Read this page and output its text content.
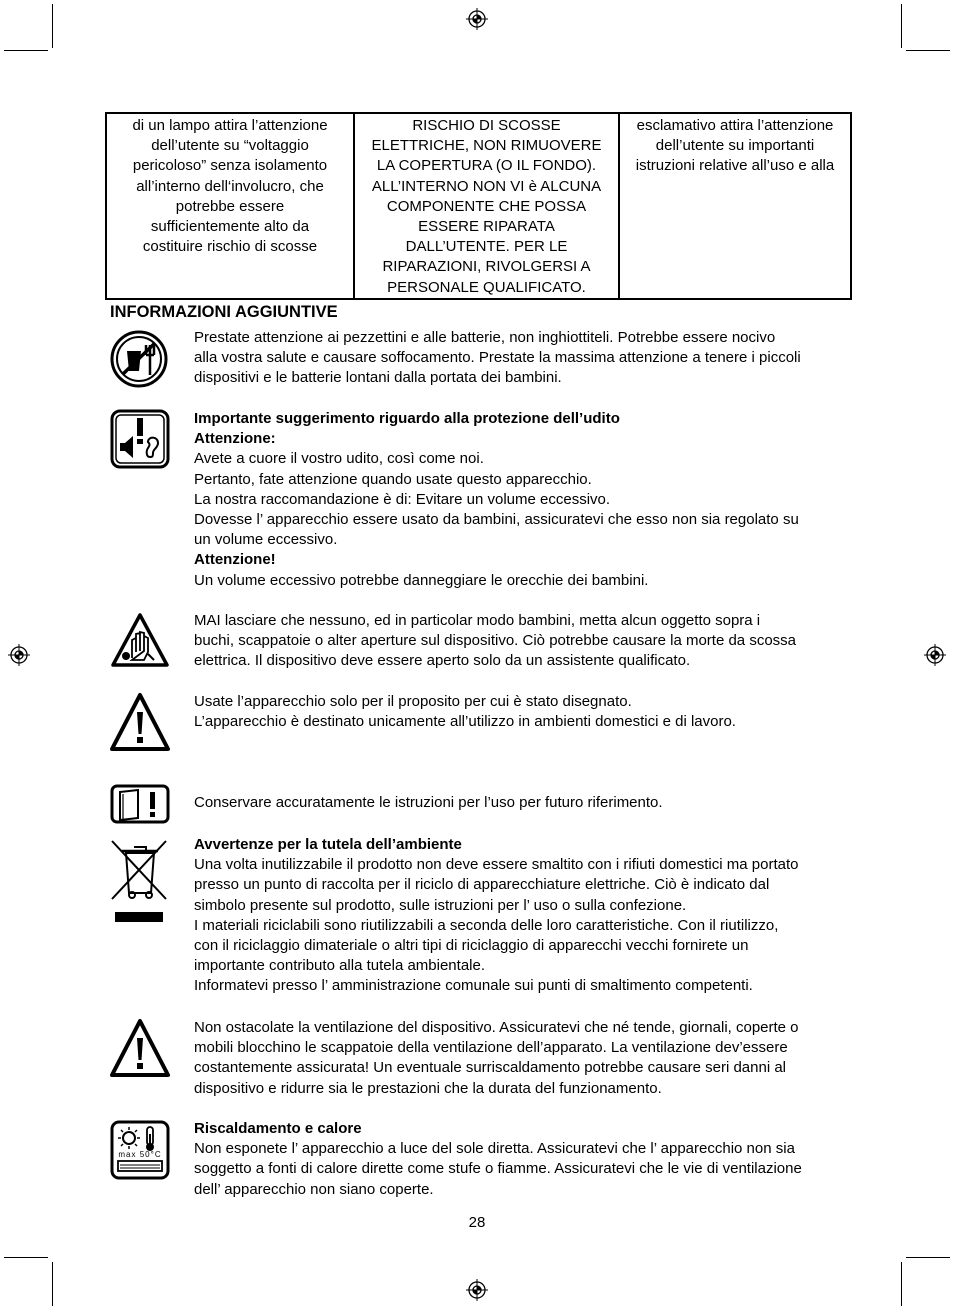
di un lampo attira l’attenzione
dell’utente su “voltaggio
pericoloso” senza isolamento
all’interno dell‘involucro, che
potrebbe essere
sufficientemente alto da
costituire rischio di scosse	RISCHIO DI SCOSSE
ELETTRICHE, NON RIMUOVERE
LA COPERTURA (O IL FONDO).
ALL’INTERNO NON VI è ALCUNA
COMPONENTE CHE POSSA
ESSERE RIPARATA
DALL’UTENTE. PER LE
RIPARAZIONI, RIVOLGERSI A
PERSONALE QUALIFICATO.	esclamativo attira l’attenzione
dell’utente su importanti
istruzioni relative all’uso e alla
INFORMAZIONI AGGIUNTIVE
Prestate attenzione ai pezzettini e alle batterie, non inghiottiteli. Potrebbe essere nocivo
alla vostra salute e causare soffocamento. Prestate la massima attenzione a tenere i piccoli
dispositivi e le batterie lontani dalla portata dei bambini.
Importante suggerimento riguardo alla protezione dell’udito
Attenzione:
Avete a cuore il vostro udito, così come noi.
Pertanto, fate attenzione quando usate questo apparecchio.
La nostra raccomandazione è di: Evitare un volume eccessivo.
Dovesse l’ apparecchio essere usato da bambini, assicuratevi che esso non sia regolato su
un volume eccessivo.
Attenzione!
Un volume eccessivo potrebbe danneggiare le orecchie dei bambini.
MAI lasciare che nessuno, ed in particolar modo bambini, metta alcun oggetto sopra i
buchi, scappatoie o alter aperture sul dispositivo. Ciò potrebbe causare la morte da scossa
elettrica. Il dispositivo deve essere aperto solo da un assistente qualificato.
Usate l’apparecchio solo per il proposito per cui è stato disegnato.
L’apparecchio è destinato unicamente all’utilizzo in ambienti domestici e di lavoro.
Conservare accuratamente le istruzioni per l’uso per futuro riferimento.
Avvertenze per la tutela dell’ambiente
Una volta inutilizzabile il prodotto non deve essere smaltito con i rifiuti domestici ma portato
presso un punto di raccolta per il riciclo di apparecchiature elettriche. Ciò è indicato dal
simbolo presente sul prodotto, sulle istruzioni per l’ uso o sulla confezione.
I materiali riciclabili sono riutilizzabili a seconda delle loro caratteristiche. Con il riutilizzo,
con il riciclaggio dimateriale o altri tipi di riciclaggio di apparecchi vecchi fornirete un
importante contributo alla tutela ambientale.
Informatevi presso l’ amministrazione comunale sui punti di smaltimento competenti.
Non ostacolate la ventilazione del dispositivo. Assicuratevi che né tende, giornali, coperte o
mobili blocchino le scappatoie della ventilazione dell’apparato. La ventilazione dev’essere
costantemente assicurata! Un eventuale surriscaldamento potrebbe causare seri danni al
dispositivo e ridurre sia le prestazioni che la durata del funzionamento.
max 50°C
Riscaldamento e calore
Non esponete l’ apparecchio a luce del sole diretta. Assicuratevi che l’ apparecchio non sia
soggetto a fonti di calore dirette come stufe o fiamme. Assicuratevi che le vie di ventilazione
dell’ apparecchio non siano coperte.
28
